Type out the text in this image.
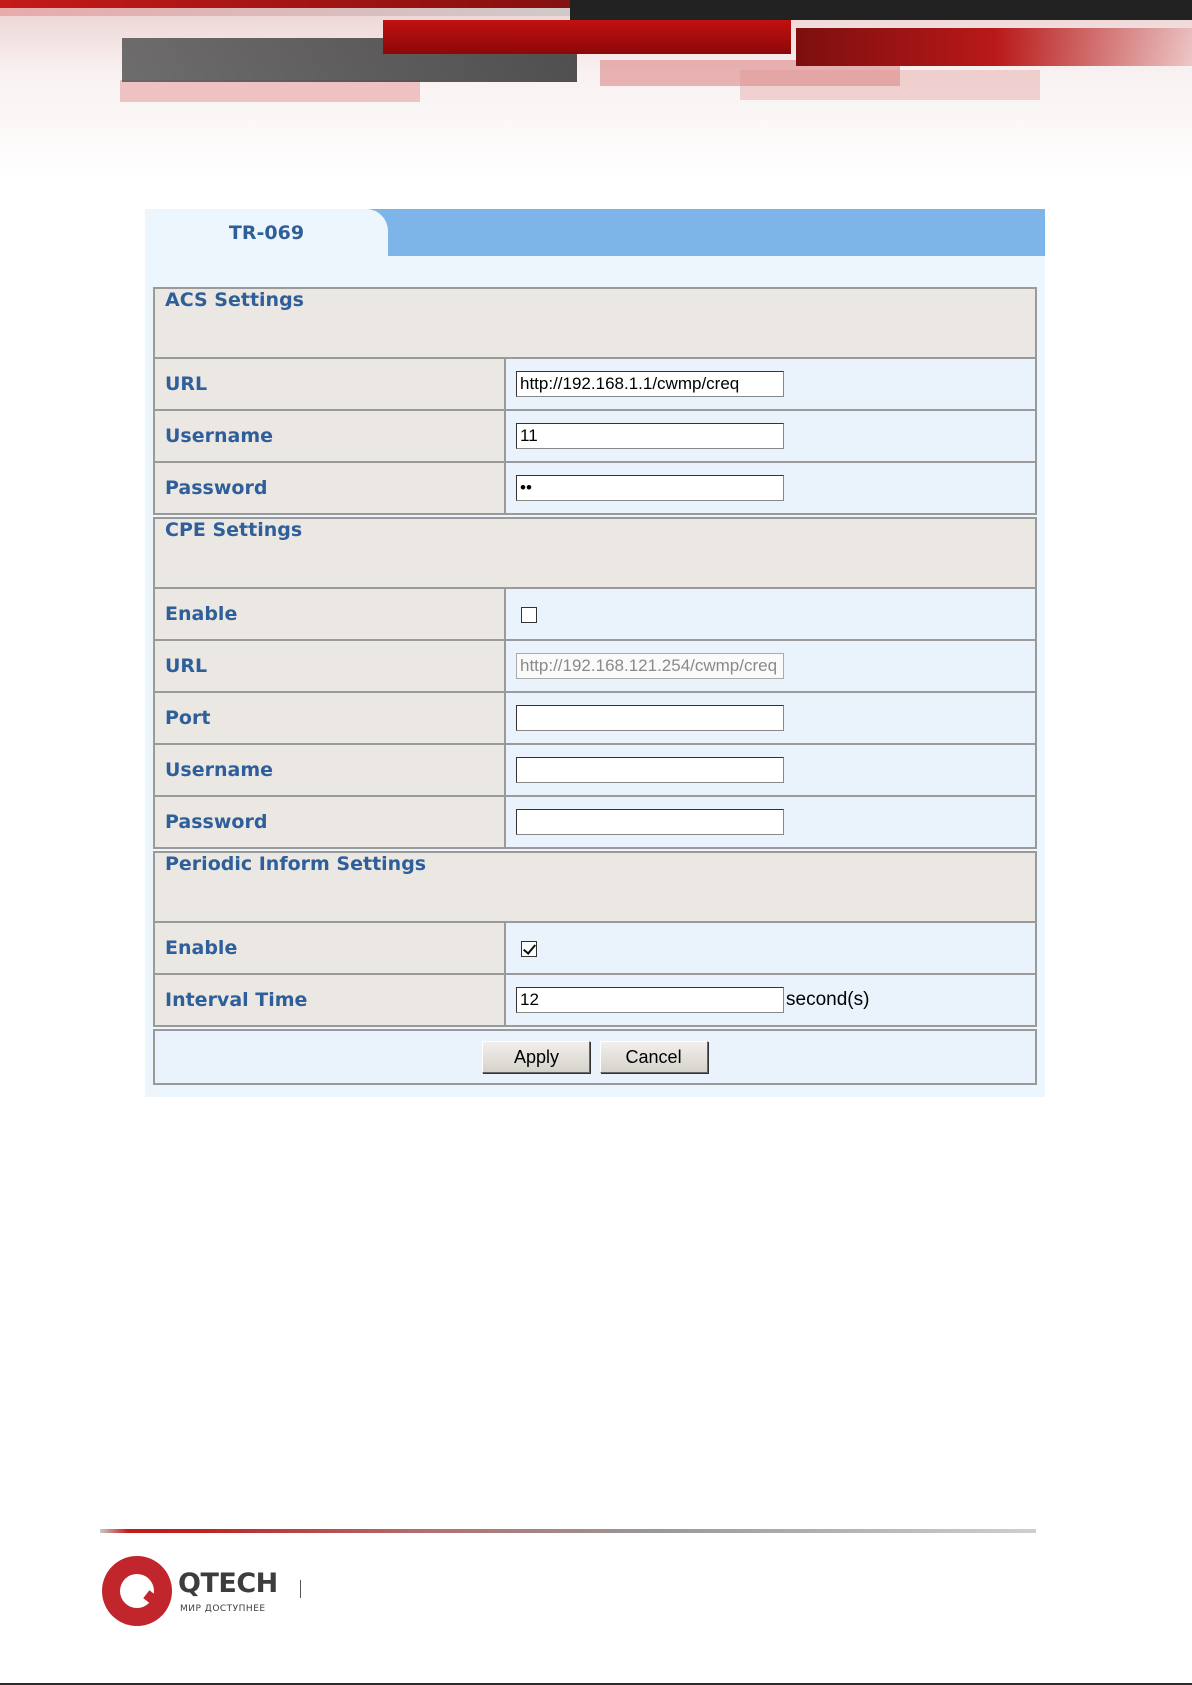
TR-069
ACS Settings	
URL	http://192.168.1.1/cwmp/creq
Username	11
Password	

CPE Settings	
Enable	
URL	http://192.168.121.254/cwmp/creq
Port	
Username	
Password	

Periodic Inform Settings	
Enable	
Interval Time	12second(s)

Apply Cancel	
QTECH
МИР ДОСТУПНЕЕ
